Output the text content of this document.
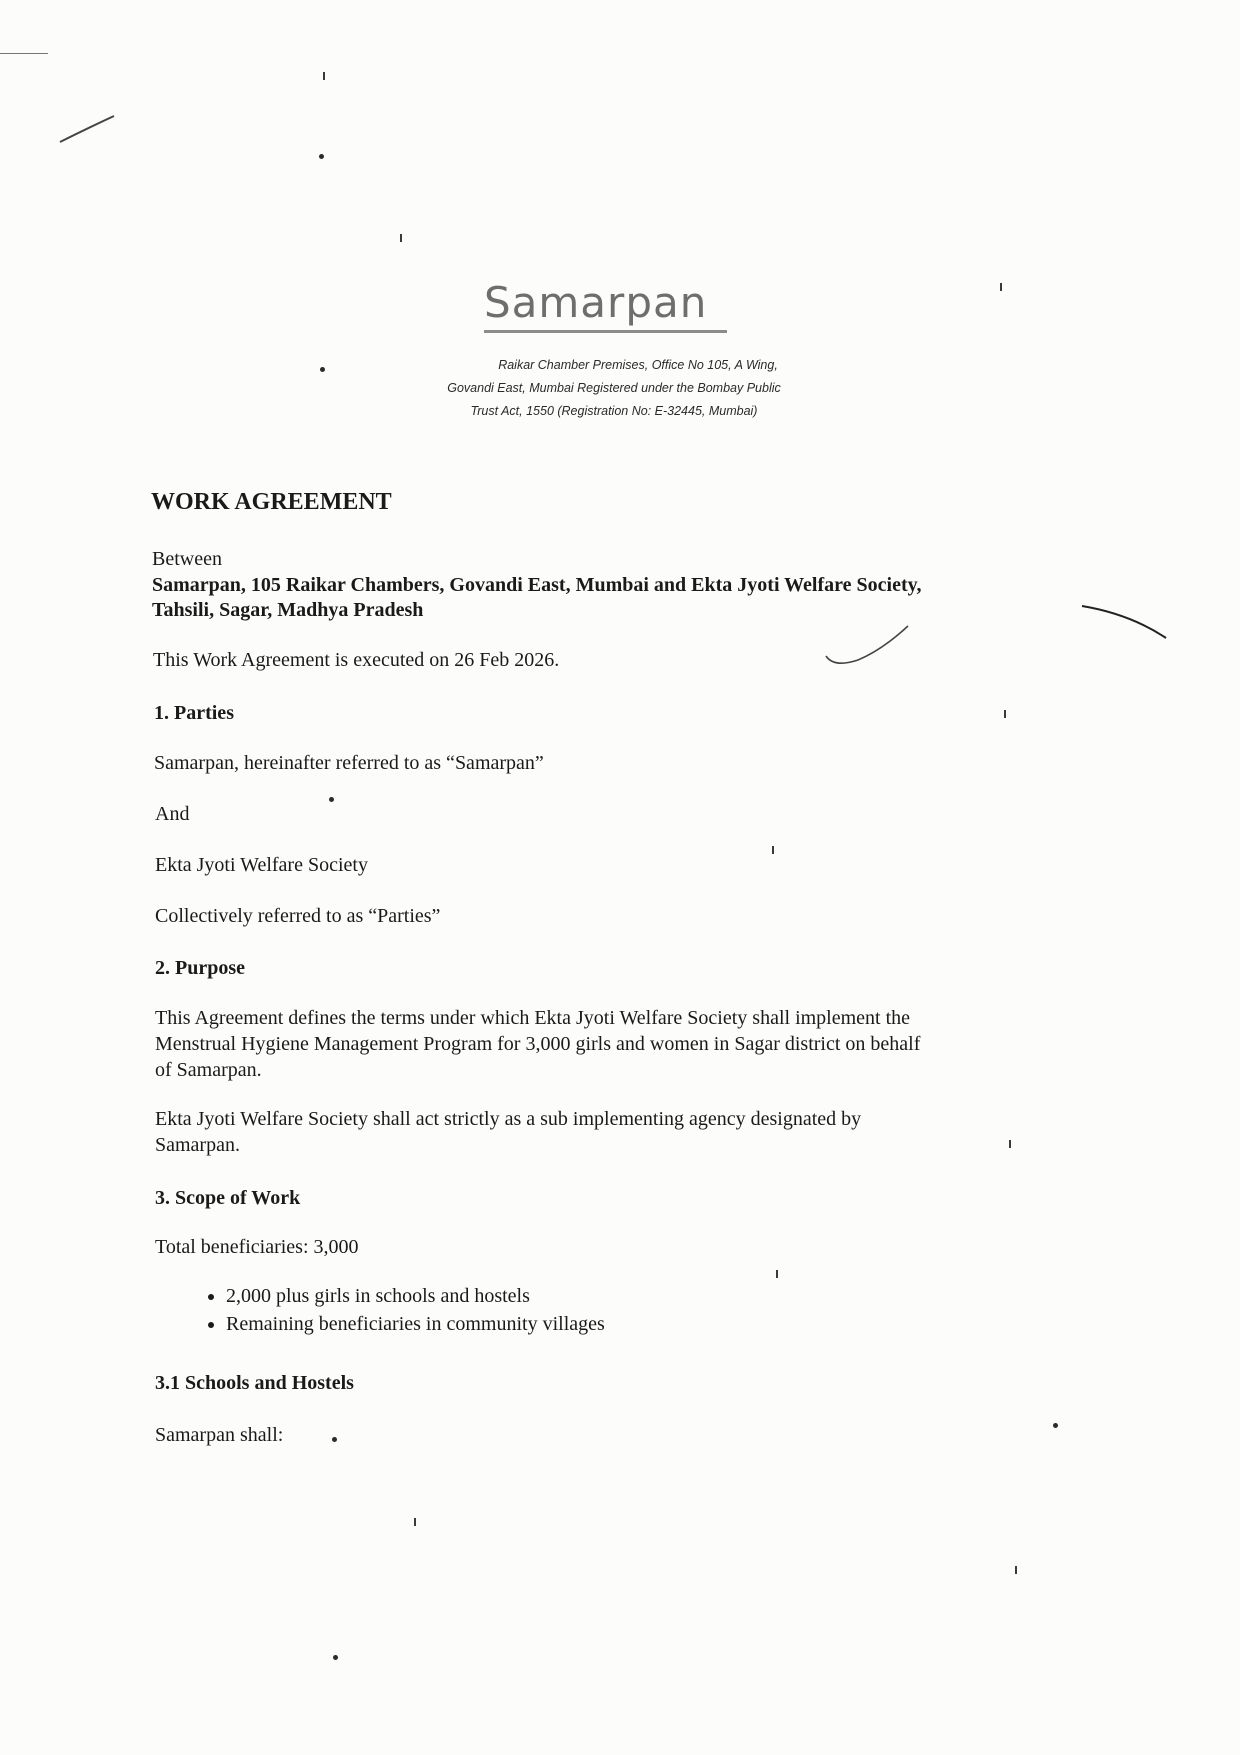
Samarpan
Raikar Chamber Premises, Office No 105, A Wing,
Govandi East, Mumbai Registered under the Bombay Public
Trust Act, 1550 (Registration No: E-32445, Mumbai)
WORK AGREEMENT
Between
Samarpan, 105 Raikar Chambers, Govandi East, Mumbai and Ekta Jyoti Welfare Society,
Tahsili, Sagar, Madhya Pradesh
This Work Agreement is executed on 26 Feb 2026.
1. Parties
Samarpan, hereinafter referred to as “Samarpan”
And
Ekta Jyoti Welfare Society
Collectively referred to as “Parties”
2. Purpose
This Agreement defines the terms under which Ekta Jyoti Welfare Society shall implement the
Menstrual Hygiene Management Program for 3,000 girls and women in Sagar district on behalf
of Samarpan.
Ekta Jyoti Welfare Society shall act strictly as a sub implementing agency designated by
Samarpan.
3. Scope of Work
Total beneficiaries: 3,000
• 2,000 plus girls in schools and hostels
• Remaining beneficiaries in community villages
3.1 Schools and Hostels
Samarpan shall:
